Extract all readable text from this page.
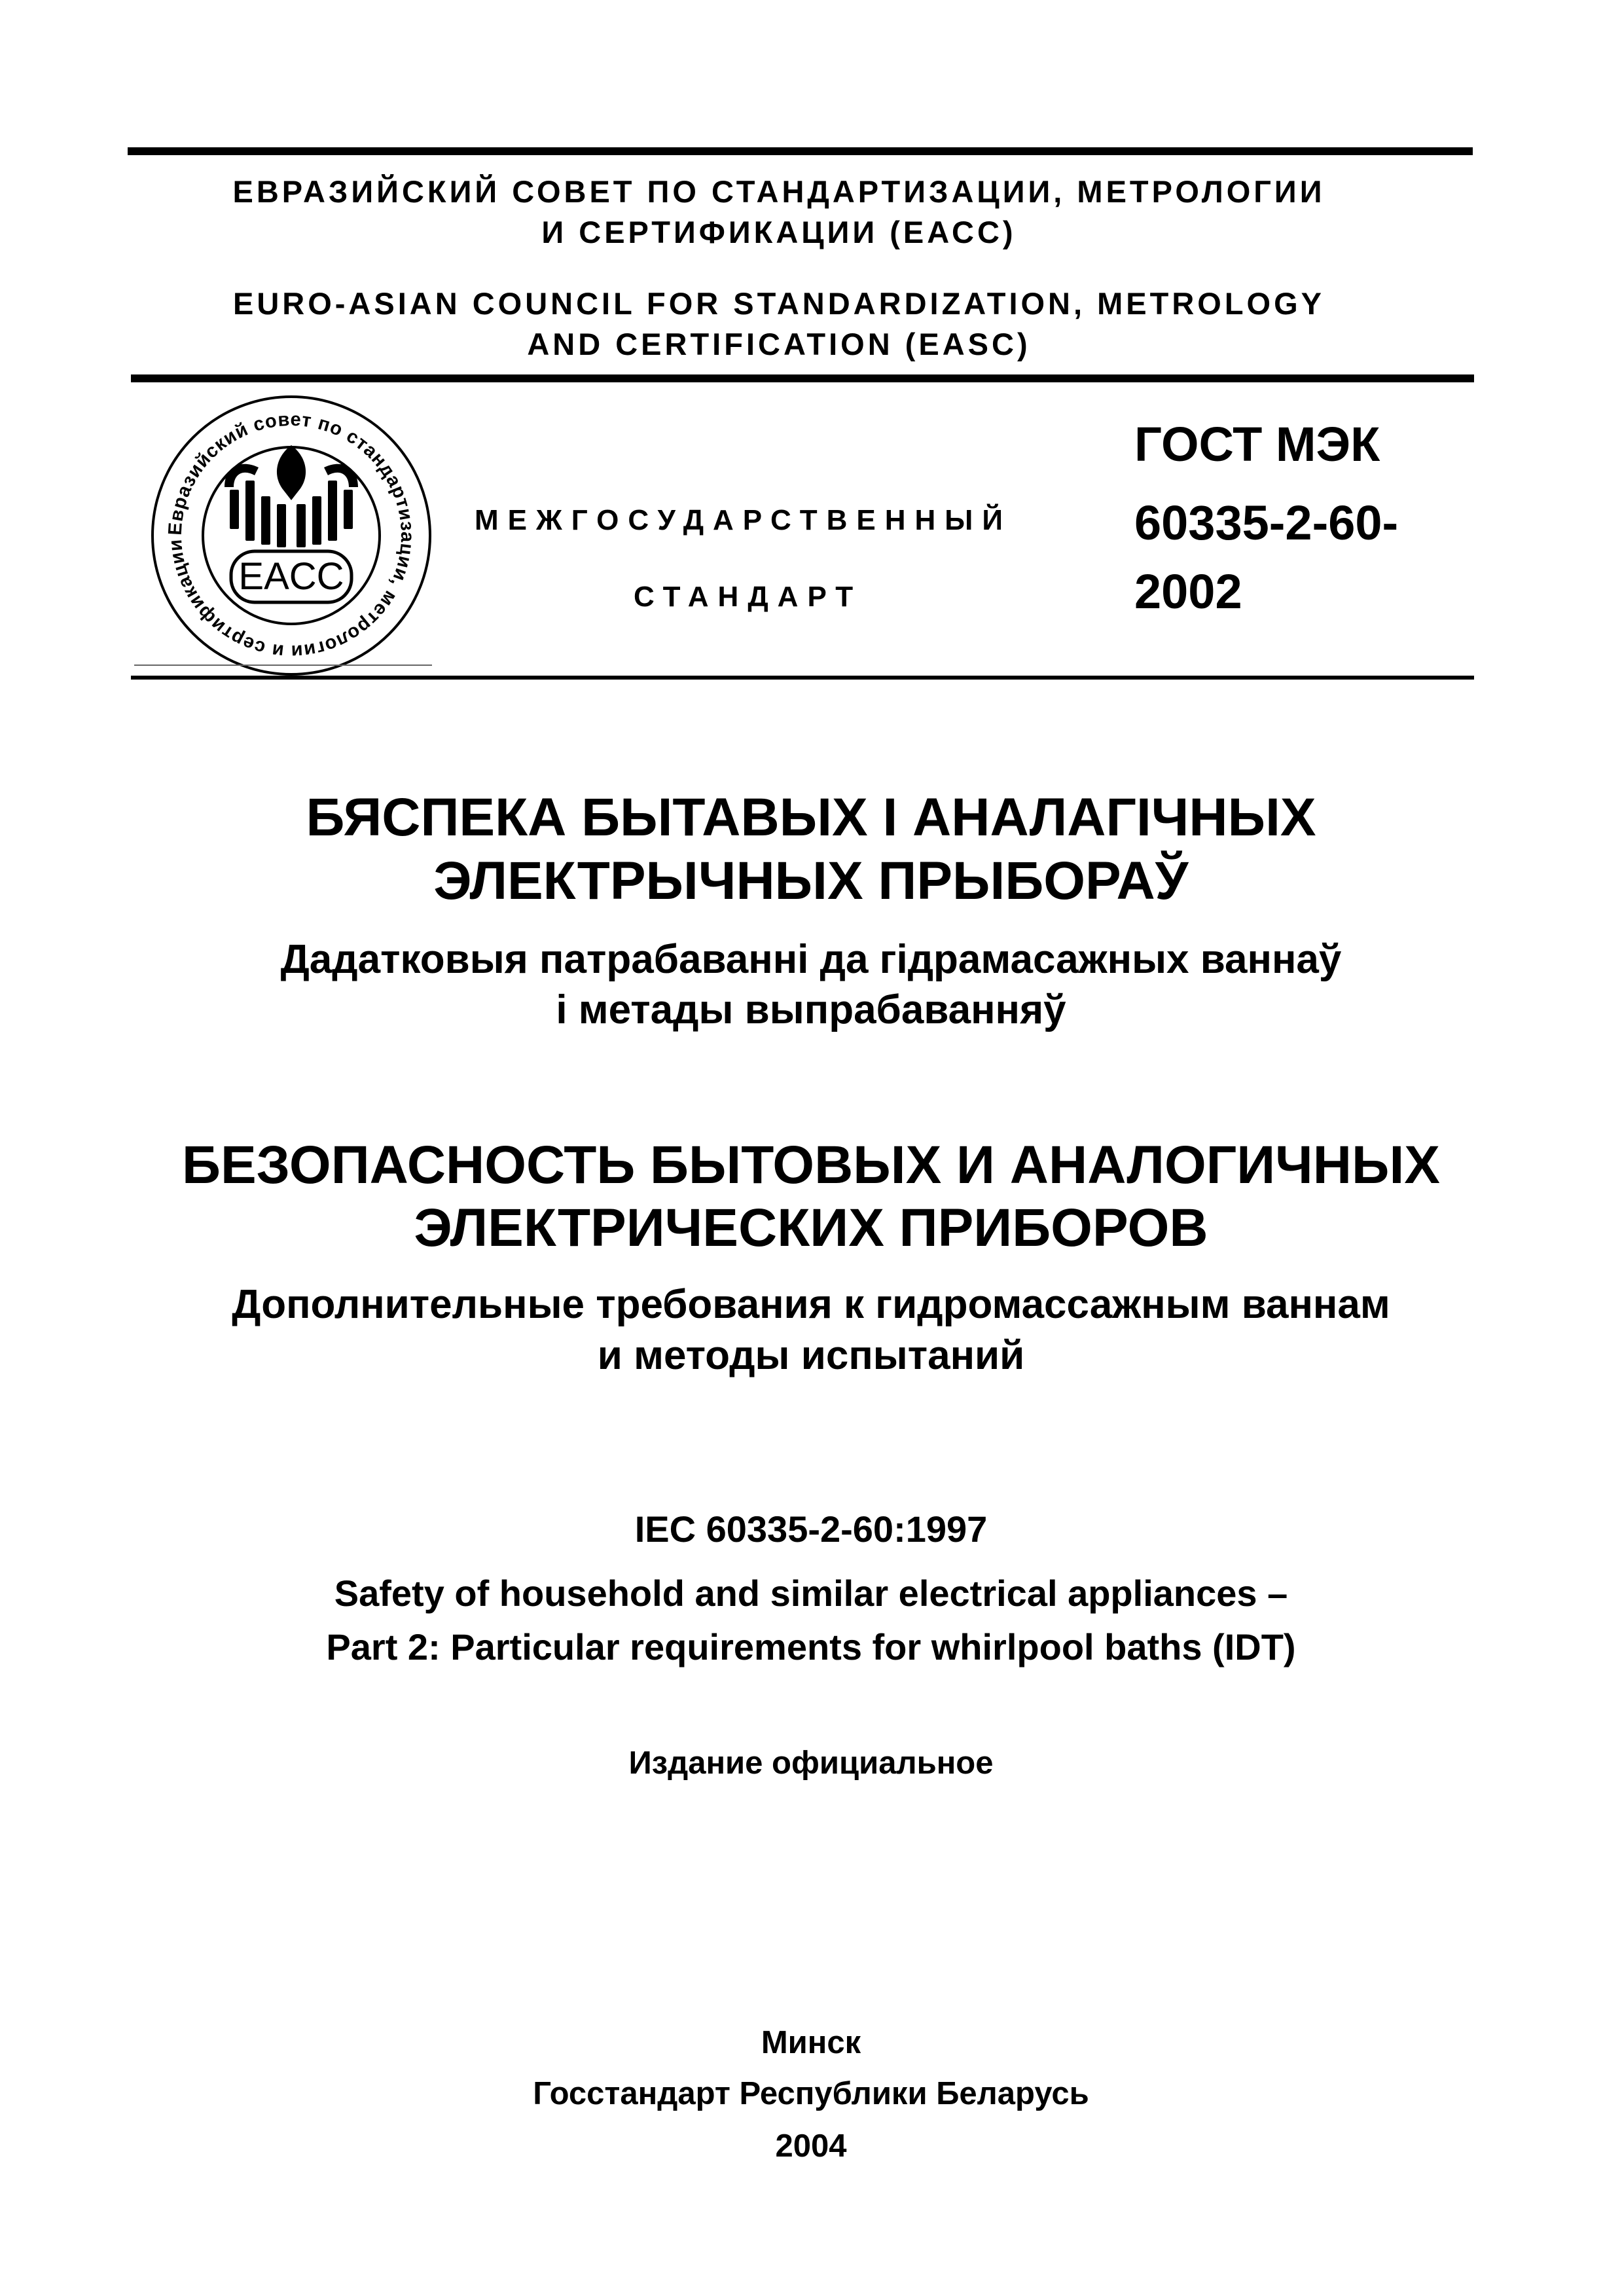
ЕВРАЗИЙСКИЙ СОВЕТ ПО СТАНДАРТИЗАЦИИ, МЕТРОЛОГИИ
И СЕРТИФИКАЦИИ (ЕАСС)
EURO-ASIAN COUNCIL FOR STANDARDIZATION, METROLOGY
AND CERTIFICATION (EASC)
Евразийский совет по стандартизации, метрологии и сертификации
EACC
МЕЖГОСУДАРСТВЕННЫЙ
СТАНДАРТ
ГОСТ МЭК
60335-2-60-
2002
БЯСПЕКА БЫТАВЫХ І АНАЛАГІЧНЫХ
ЭЛЕКТРЫЧНЫХ ПРЫБОРАЎ
Дадатковыя патрабаванні да гідрамасажных ваннаў
і метады выпрабаванняў
БЕЗОПАСНОСТЬ БЫТОВЫХ И АНАЛОГИЧНЫХ
ЭЛЕКТРИЧЕСКИХ ПРИБОРОВ
Дополнительные требования к гидромассажным ваннам
и методы испытаний
IEC 60335-2-60:1997
Safety of household and similar electrical appliances –
Part 2: Particular requirements for whirlpool baths (IDT)
Издание официальное
Минск
Госстандарт Республики Беларусь
2004
